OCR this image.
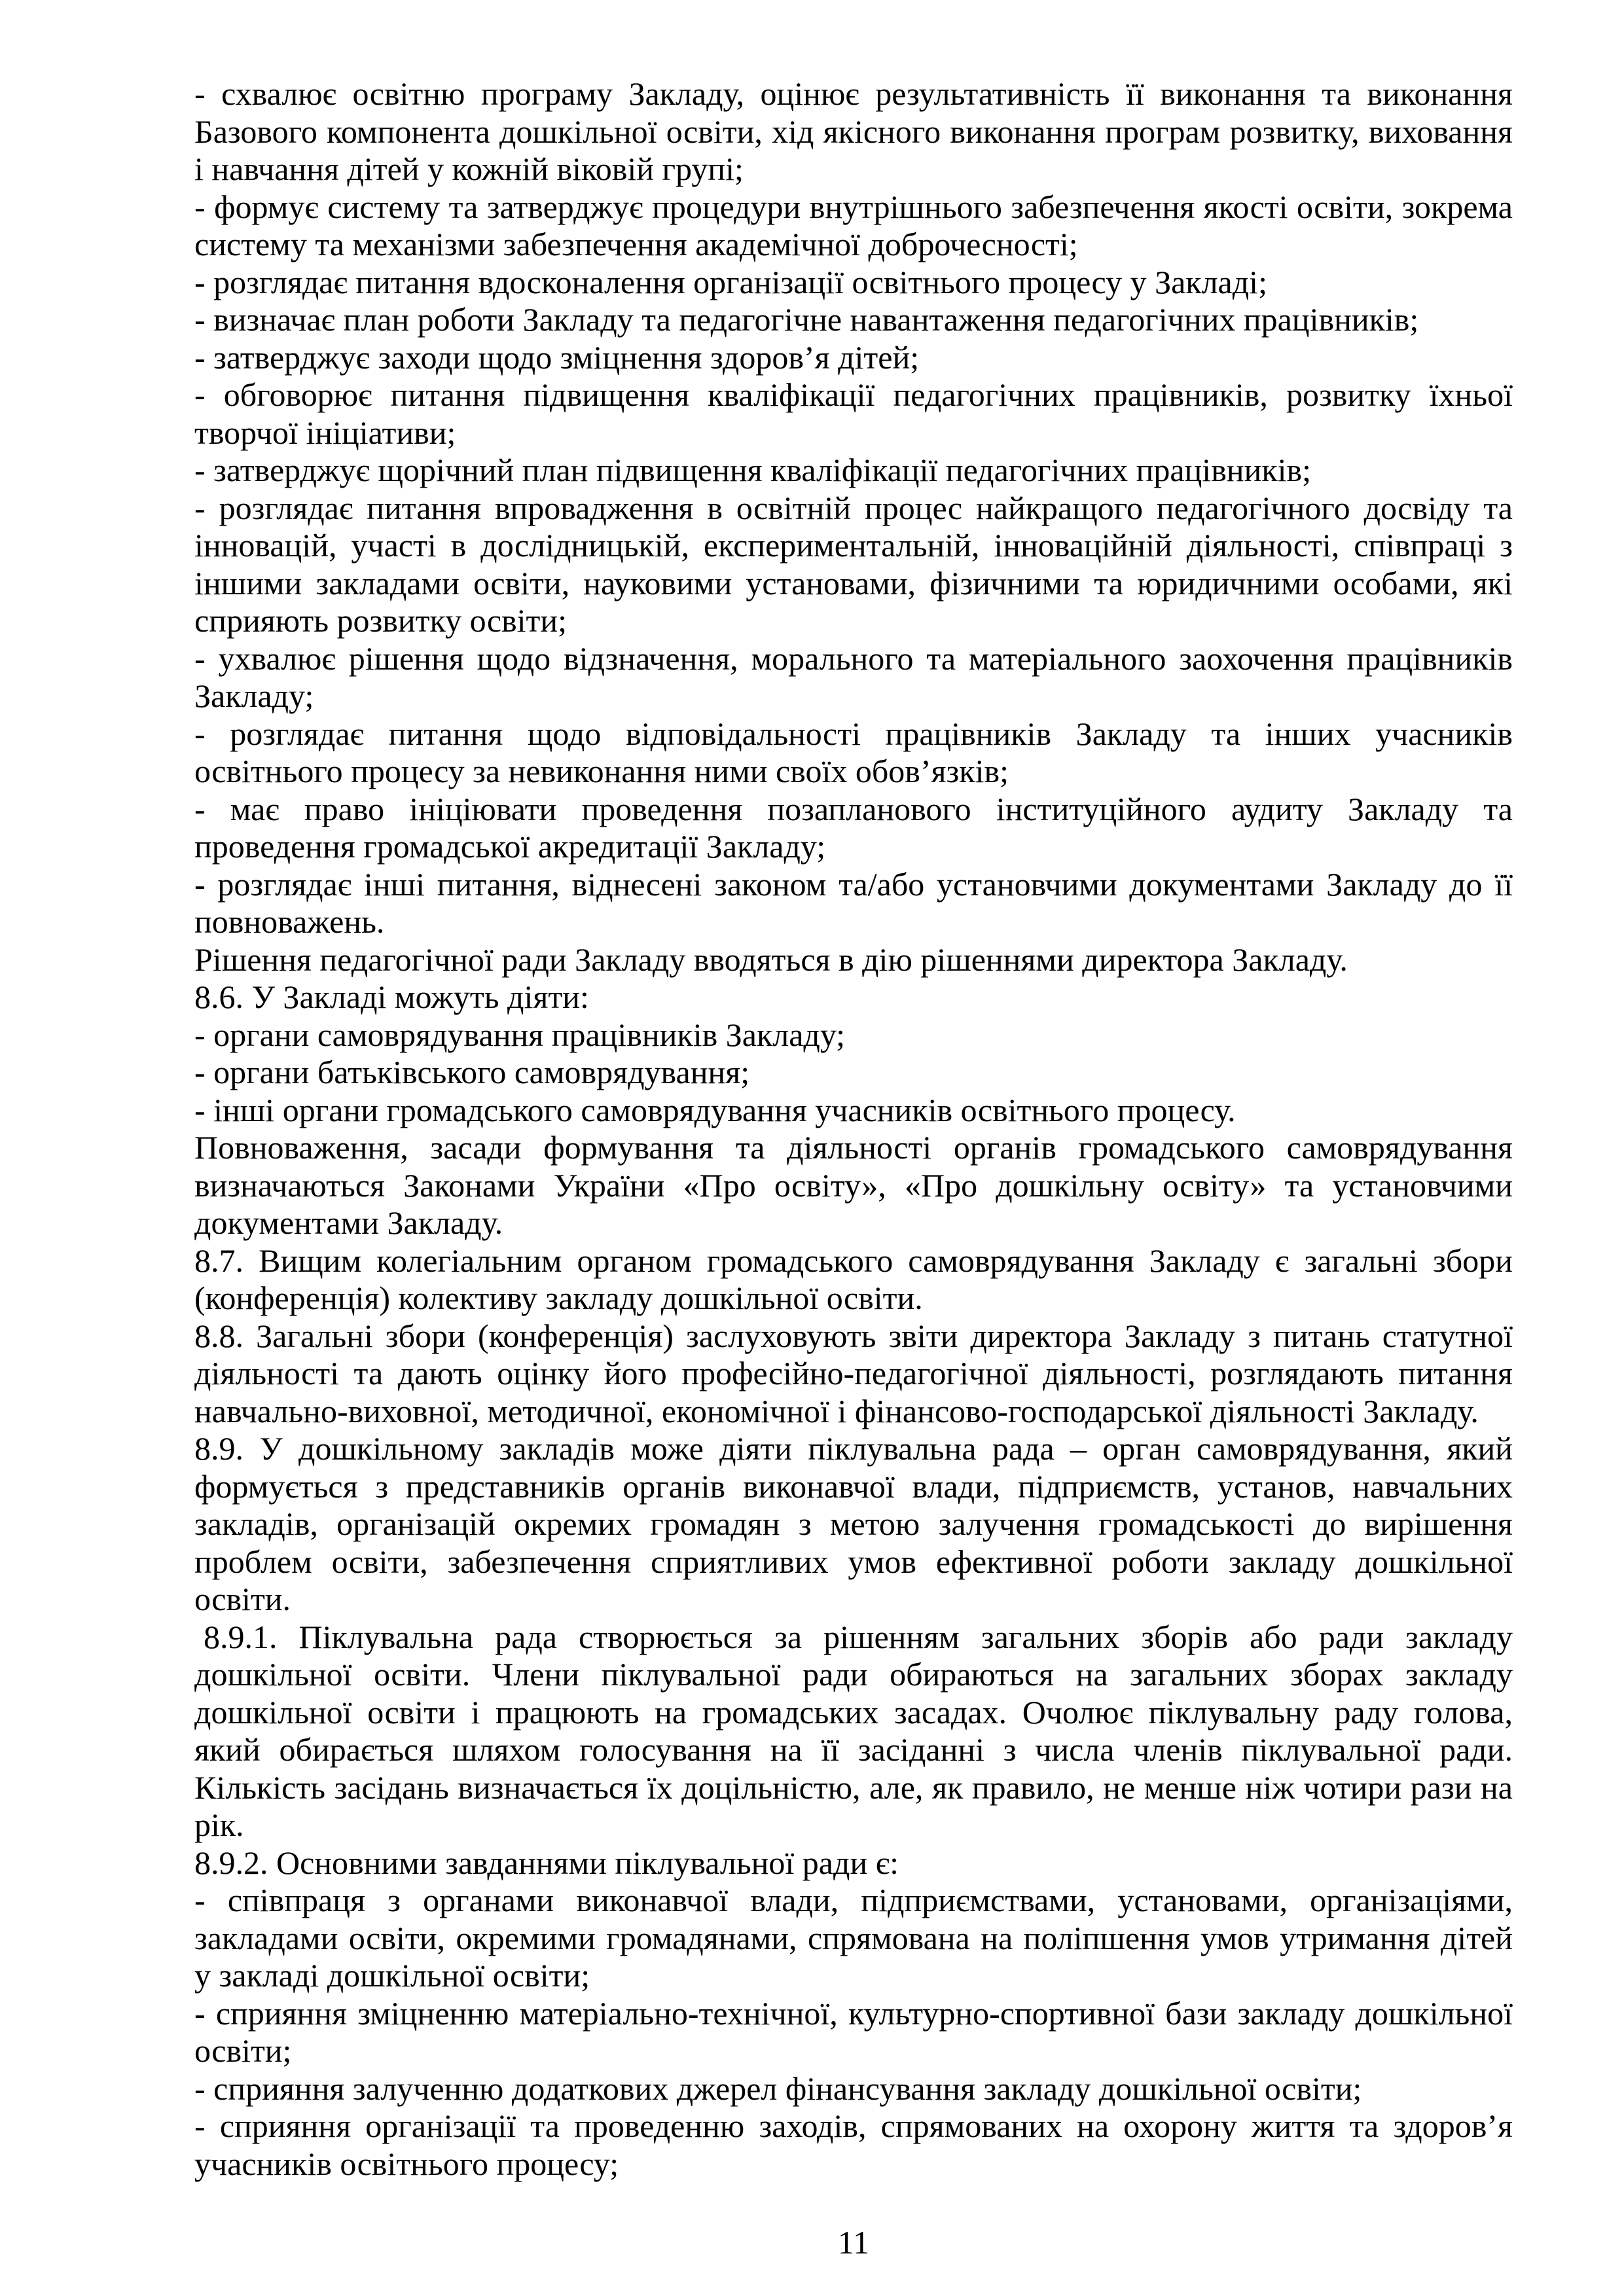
- схвалює освітню програму Закладу, оцінює результативність її виконання та виконання Базового компонента дошкільної освіти, хід якісного виконання програм розвитку, виховання і навчання дітей у кожній віковій групі;

- формує систему та затверджує процедури внутрішнього забезпечення якості освіти, зокрема систему та механізми забезпечення академічної доброчесності;

- розглядає питання вдосконалення організації освітнього процесу у Закладі;

- визначає план роботи Закладу та педагогічне навантаження педагогічних працівників;

- затверджує заходи щодо зміцнення здоров’я дітей;

- обговорює питання підвищення кваліфікації педагогічних працівників, розвитку їхньої творчої ініціативи;

- затверджує щорічний план підвищення кваліфікації педагогічних працівників;

- розглядає питання впровадження в освітній процес найкращого педагогічного досвіду та інновацій, участі в дослідницькій, експериментальній, інноваційній діяльності, співпраці з іншими закладами освіти, науковими установами, фізичними та юридичними особами, які сприяють розвитку освіти;

- ухвалює рішення щодо відзначення, морального та матеріального заохочення працівників Закладу;

- розглядає питання щодо відповідальності працівників Закладу та інших учасників освітнього процесу за невиконання ними своїх обов’язків;

- має право ініціювати проведення позапланового інституційного аудиту Закладу та проведення громадської акредитації Закладу;

- розглядає інші питання, віднесені законом та/або установчими документами Закладу до її повноважень.

Рішення педагогічної ради Закладу вводяться в дію рішеннями директора Закладу.

8.6. У Закладі можуть діяти:

- органи самоврядування працівників Закладу;

- органи батьківського самоврядування;

- інші органи громадського самоврядування учасників освітнього процесу.

Повноваження, засади формування та діяльності органів громадського самоврядування визначаються Законами України «Про освіту», «Про дошкільну освіту» та установчими документами Закладу.

8.7. Вищим колегіальним органом громадського самоврядування Закладу є загальні збори (конференція) колективу закладу дошкільної освіти.

8.8. Загальні збори (конференція) заслуховують звіти директора Закладу з питань статутної діяльності та дають оцінку його професійно-педагогічної діяльності, розглядають питання навчально-виховної, методичної, економічної і фінансово-господарської діяльності Закладу.

8.9. У дошкільному закладів може діяти піклувальна рада – орган самоврядування, який формується з представників органів виконавчої влади, підприємств, установ, навчальних закладів, організацій окремих громадян з метою залучення громадськості до вирішення проблем освіти, забезпечення сприятливих умов ефективної роботи закладу дошкільної освіти.

8.9.1. Піклувальна рада створюється за рішенням загальних зборів або ради закладу дошкільної освіти. Члени піклувальної ради обираються на загальних зборах закладу дошкільної освіти і працюють на громадських засадах. Очолює піклувальну раду голова, який обирається шляхом голосування на її засіданні з числа членів піклувальної ради. Кількість засідань визначається їх доцільністю, але, як правило, не менше ніж чотири рази на рік.

8.9.2. Основними завданнями піклувальної ради є:

- співпраця з органами виконавчої влади, підприємствами, установами, організаціями, закладами освіти, окремими громадянами, спрямована на поліпшення умов утримання дітей у закладі дошкільної освіти;

- сприяння зміцненню матеріально-технічної, культурно-спортивної бази закладу дошкільної освіти;

- сприяння залученню додаткових джерел фінансування закладу дошкільної освіти;

- сприяння організації та проведенню заходів, спрямованих на охорону життя та здоров’я учасників освітнього процесу;

11
